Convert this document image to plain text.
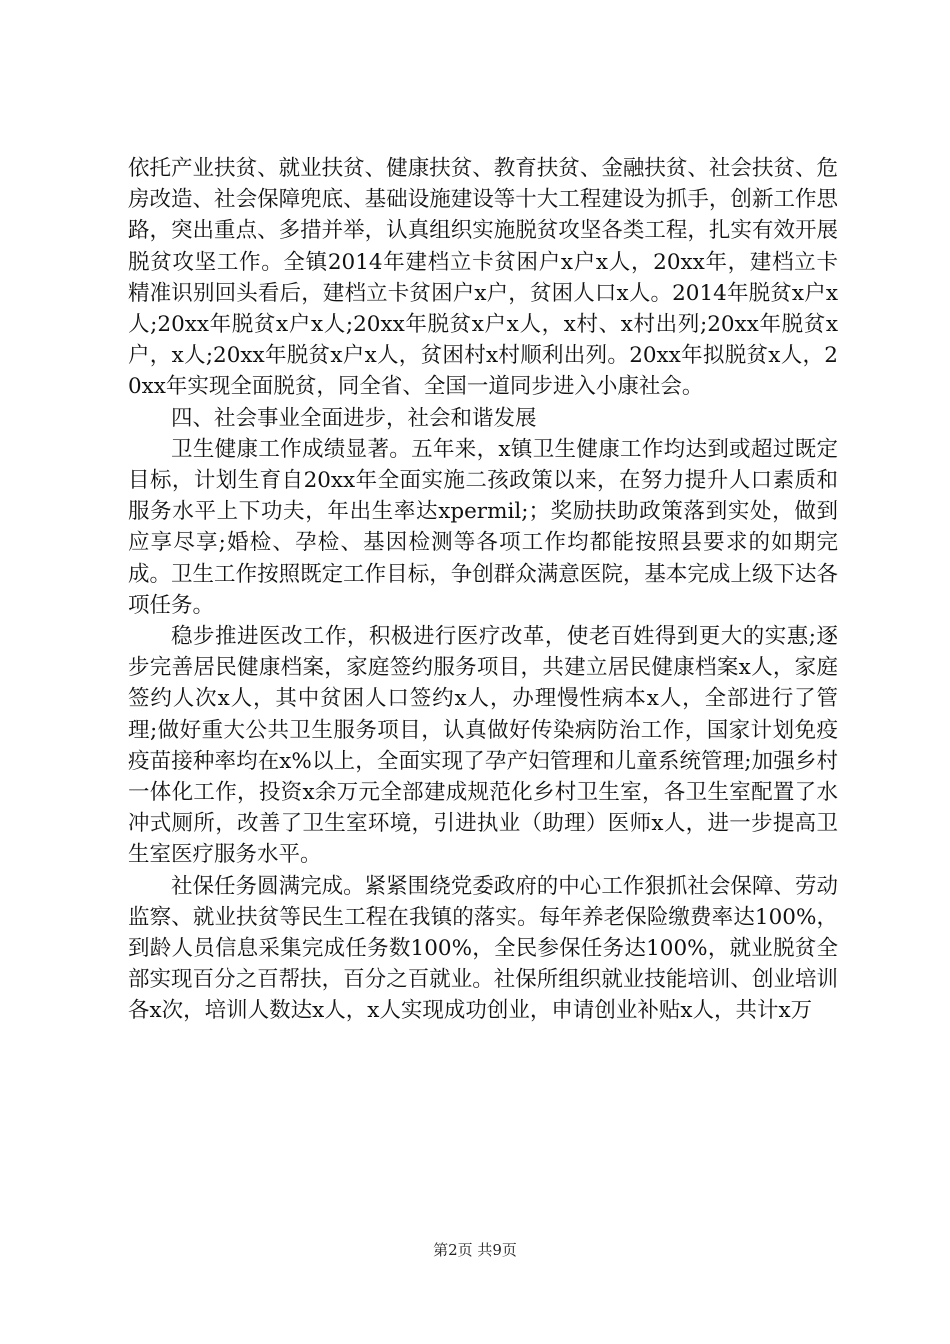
依托产业扶贫、就业扶贫、健康扶贫、教育扶贫、金融扶贫、社会扶贫、危房改造、社会保障兜底、基础设施建设等十大工程建设为抓手，创新工作思路，突出重点、多措并举，认真组织实施脱贫攻坚各类工程，扎实有效开展脱贫攻坚工作。全镇2014年建档立卡贫困户x户x人，20xx年，建档立卡精准识别回头看后，建档立卡贫困户x户，贫困人口x人。2014年脱贫x户x人;20xx年脱贫x户x人;20xx年脱贫x户x人，x村、x村出列;20xx年脱贫x户，x人;20xx年脱贫x户x人，贫困村x村顺利出列。20xx年拟脱贫x人，20xx年实现全面脱贫，同全省、全国一道同步进入小康社会。

四、社会事业全面进步，社会和谐发展

卫生健康工作成绩显著。五年来，x镇卫生健康工作均达到或超过既定目标，计划生育自20xx年全面实施二孩政策以来，在努力提升人口素质和服务水平上下功夫，年出生率达xpermil;；奖励扶助政策落到实处，做到应享尽享;婚检、孕检、基因检测等各项工作均都能按照县要求的如期完成。卫生工作按照既定工作目标，争创群众满意医院，基本完成上级下达各项任务。

稳步推进医改工作，积极进行医疗改革，使老百姓得到更大的实惠;逐步完善居民健康档案，家庭签约服务项目，共建立居民健康档案x人，家庭签约人次x人，其中贫困人口签约x人，办理慢性病本x人，全部进行了管理;做好重大公共卫生服务项目，认真做好传染病防治工作，国家计划免疫疫苗接种率均在x%以上，全面实现了孕产妇管理和儿童系统管理;加强乡村一体化工作，投资x余万元全部建成规范化乡村卫生室，各卫生室配置了水冲式厕所，改善了卫生室环境，引进执业（助理）医师x人，进一步提高卫生室医疗服务水平。

社保任务圆满完成。紧紧围绕党委政府的中心工作狠抓社会保障、劳动监察、就业扶贫等民生工程在我镇的落实。每年养老保险缴费率达100%，到龄人员信息采集完成任务数100%，全民参保任务达100%，就业脱贫全部实现百分之百帮扶，百分之百就业。社保所组织就业技能培训、创业培训各x次，培训人数达x人，x人实现成功创业，申请创业补贴x人，共计x万

第2页 共9页
